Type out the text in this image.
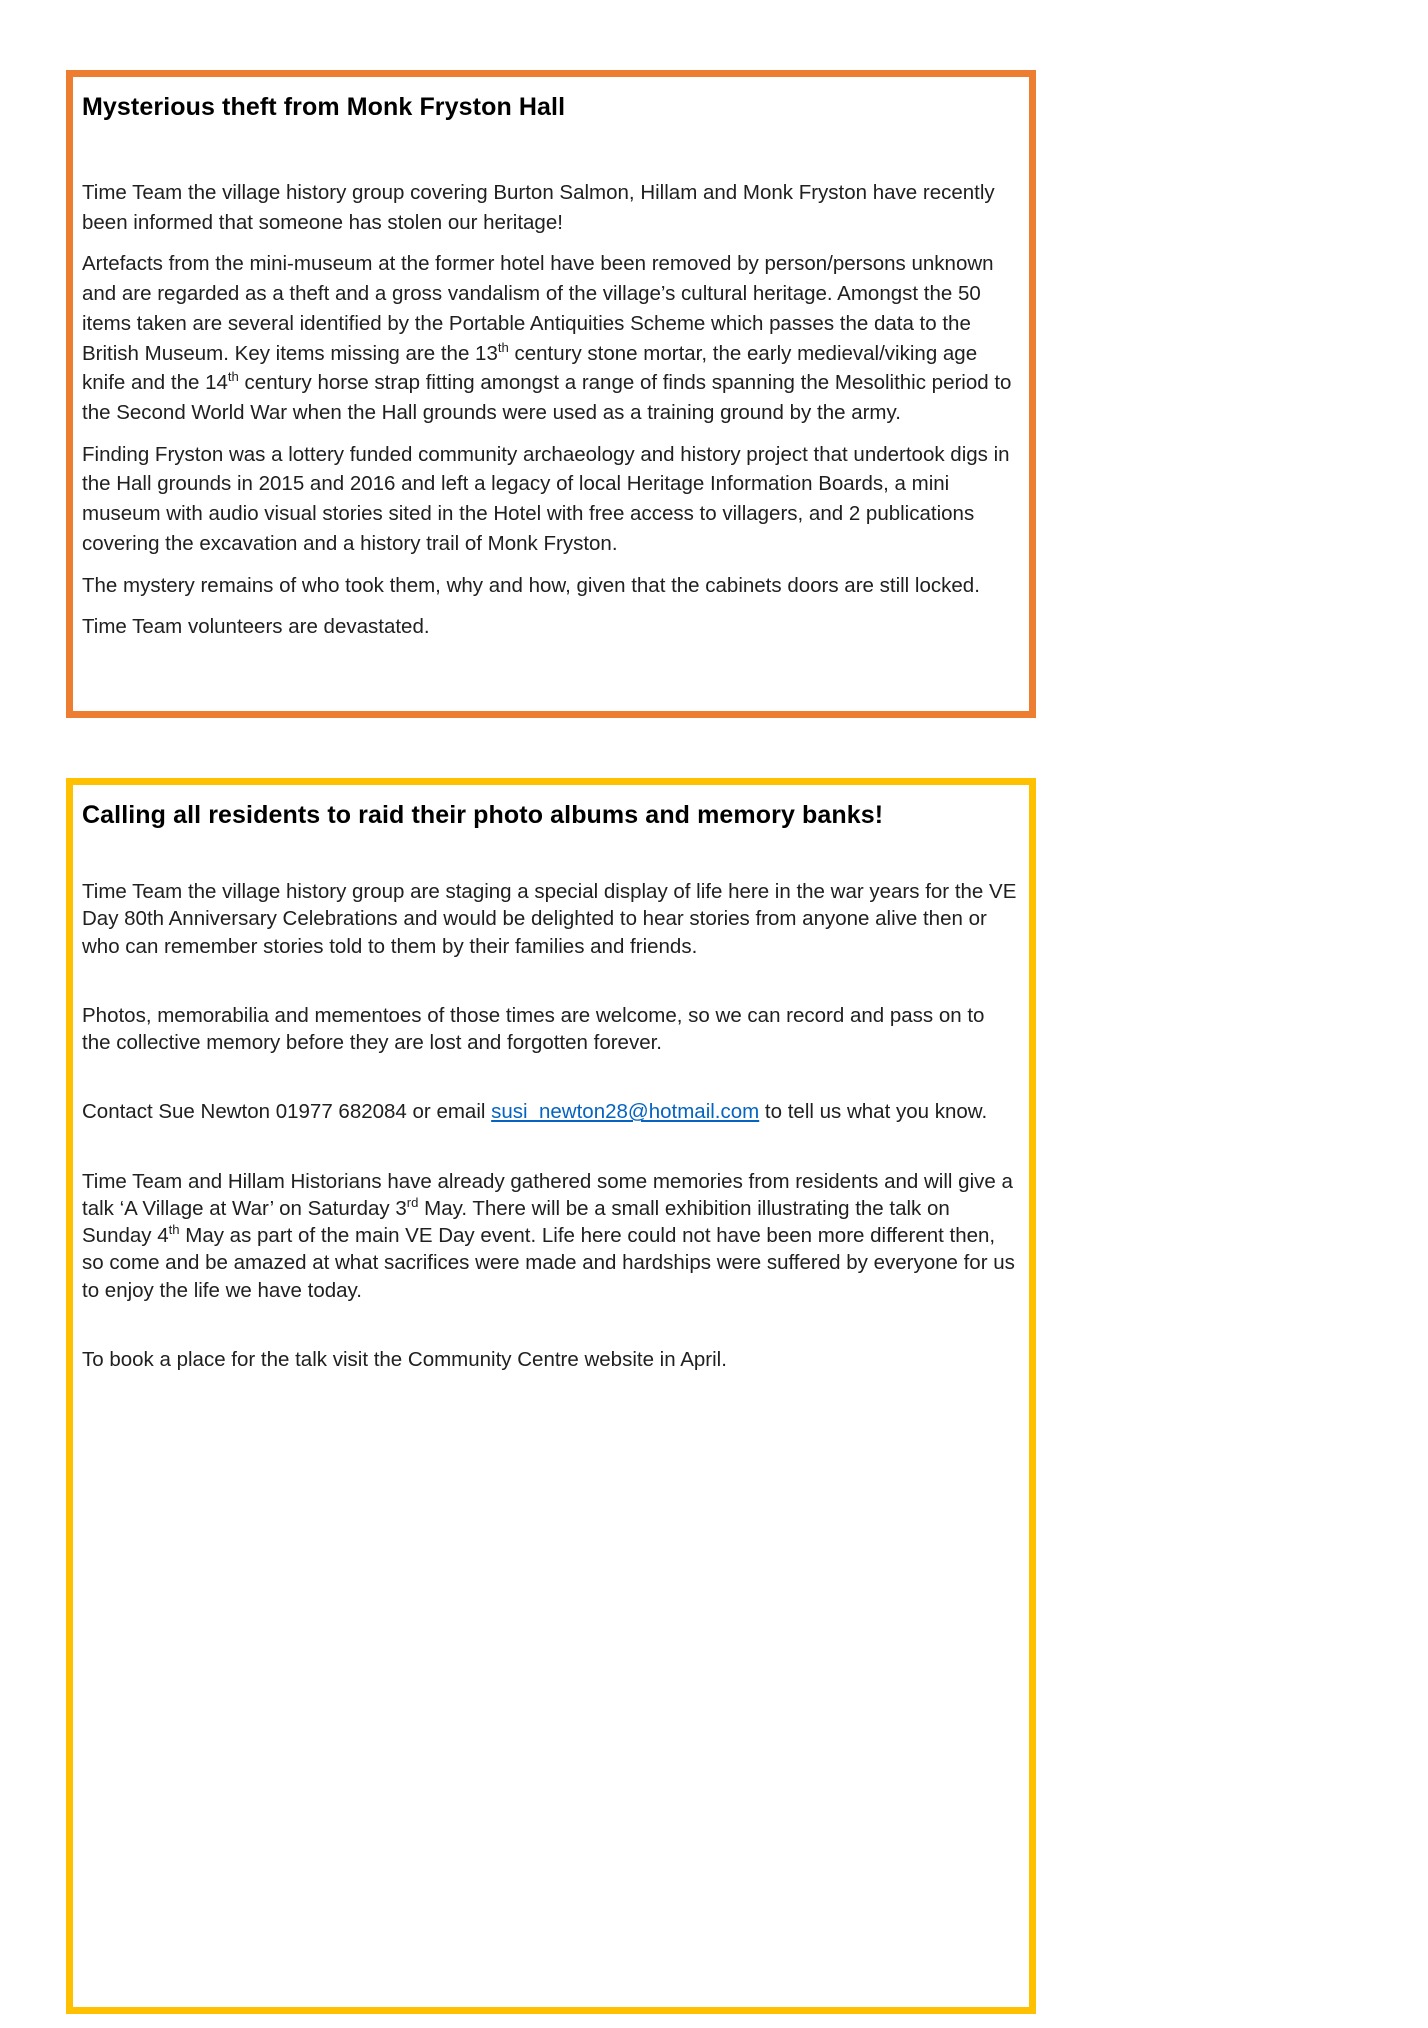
Mysterious theft from Monk Fryston Hall

Time Team the village history group covering Burton Salmon, Hillam and Monk Fryston have recently been informed that someone has stolen our heritage!

Artefacts from the mini-museum at the former hotel have been removed by person/persons unknown and are regarded as a theft and a gross vandalism of the village’s cultural heritage. Amongst the 50 items taken are several identified by the Portable Antiquities Scheme which passes the data to the British Museum. Key items missing are the 13th century stone mortar, the early medieval/viking age knife and the 14th century horse strap fitting amongst a range of finds spanning the Mesolithic period to the Second World War when the Hall grounds were used as a training ground by the army.

Finding Fryston was a lottery funded community archaeology and history project that undertook digs in the Hall grounds in 2015 and 2016 and left a legacy of local Heritage Information Boards, a mini museum with audio visual stories sited in the Hotel with free access to villagers, and 2 publications covering the excavation and a history trail of Monk Fryston.

The mystery remains of who took them, why and how, given that the cabinets doors are still locked.

Time Team volunteers are devastated.

Calling all residents to raid their photo albums and memory banks!

Time Team the village history group are staging a special display of life here in the war years for the VE Day 80th Anniversary Celebrations and would be delighted to hear stories from anyone alive then or who can remember stories told to them by their families and friends.

Photos, memorabilia and mementoes of those times are welcome, so we can record and pass on to the collective memory before they are lost and forgotten forever.

Contact Sue Newton 01977 682084 or email susi_newton28@hotmail.com to tell us what you know.

Time Team and Hillam Historians have already gathered some memories from residents and will give a talk ‘A Village at War’ on Saturday 3rd May. There will be a small exhibition illustrating the talk on Sunday 4th May as part of the main VE Day event. Life here could not have been more different then, so come and be amazed at what sacrifices were made and hardships were suffered by everyone for us to enjoy the life we have today.

To book a place for the talk visit the Community Centre website in April.
